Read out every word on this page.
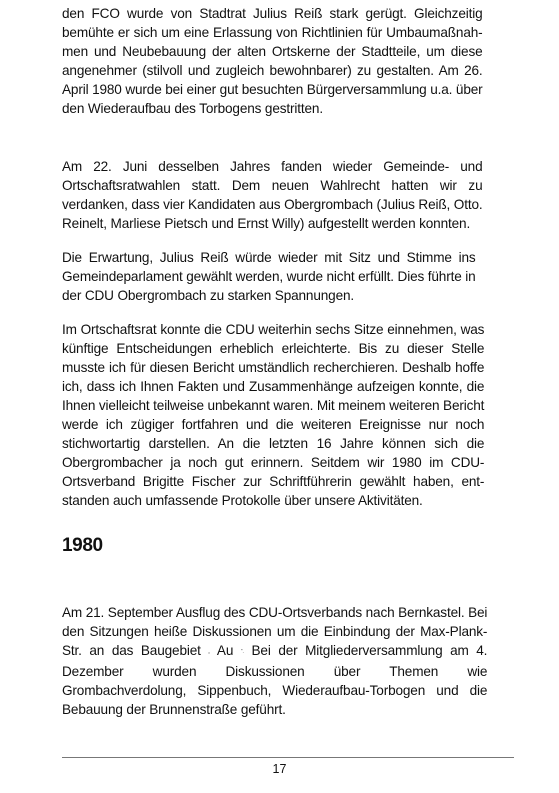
den FCO wurde von Stadtrat Julius Reiß stark gerügt. Gleichzeitig
bemühte er sich um eine Erlassung von Richtlinien für Umbaumaßnah-
men und Neubebauung der alten Ortskerne der Stadtteile, um diese
angenehmer (stilvoll und zugleich bewohnbarer) zu gestalten. Am 26.
April 1980 wurde bei einer gut besuchten Bürgerversammlung u.a. über
den Wiederaufbau des Torbogens gestritten.
Am 22. Juni desselben Jahres fanden wieder Gemeinde- und
Ortschaftsratwahlen statt. Dem neuen Wahlrecht hatten wir zu
verdanken, dass vier Kandidaten aus Obergrombach (Julius Reiß, Otto.
Reinelt, Marliese Pietsch und Ernst Willy) aufgestellt werden konnten.
Die Erwartung, Julius Reiß würde wieder mit Sitz und Stimme ins
Gemeindeparlament gewählt werden, wurde nicht erfüllt. Dies führte in
der CDU Obergrombach zu starken Spannungen.
Im Ortschaftsrat konnte die CDU weiterhin sechs Sitze einnehmen, was
künftige Entscheidungen erheblich erleichterte. Bis zu dieser Stelle
musste ich für diesen Bericht umständlich recherchieren. Deshalb hoffe
ich, dass ich Ihnen Fakten und Zusammenhänge aufzeigen konnte, die
Ihnen vielleicht teilweise unbekannt waren. Mit meinem weiteren Bericht
werde ich zügiger fortfahren und die weiteren Ereignisse nur noch
stichwortartig darstellen. An die letzten 16 Jahre können sich die
Obergrombacher ja noch gut erinnern. Seitdem wir 1980 im CDU-
Ortsverband Brigitte Fischer zur Schriftführerin gewählt haben, ent-
standen auch umfassende Protokolle über unsere Aktivitäten.
1980
Am 21. September Ausflug des CDU-Ortsverbands nach Bernkastel. Bei
den Sitzungen heiße Diskussionen um die Einbindung der Max-Plank-
Str. an das Baugebiet „ Au “. Bei der Mitgliederversammlung am 4.
Dezember wurden Diskussionen über Themen wie
Grombachverdolung, Sippenbuch, Wiederaufbau-Torbogen und die
Bebauung der Brunnenstraße geführt.
17
